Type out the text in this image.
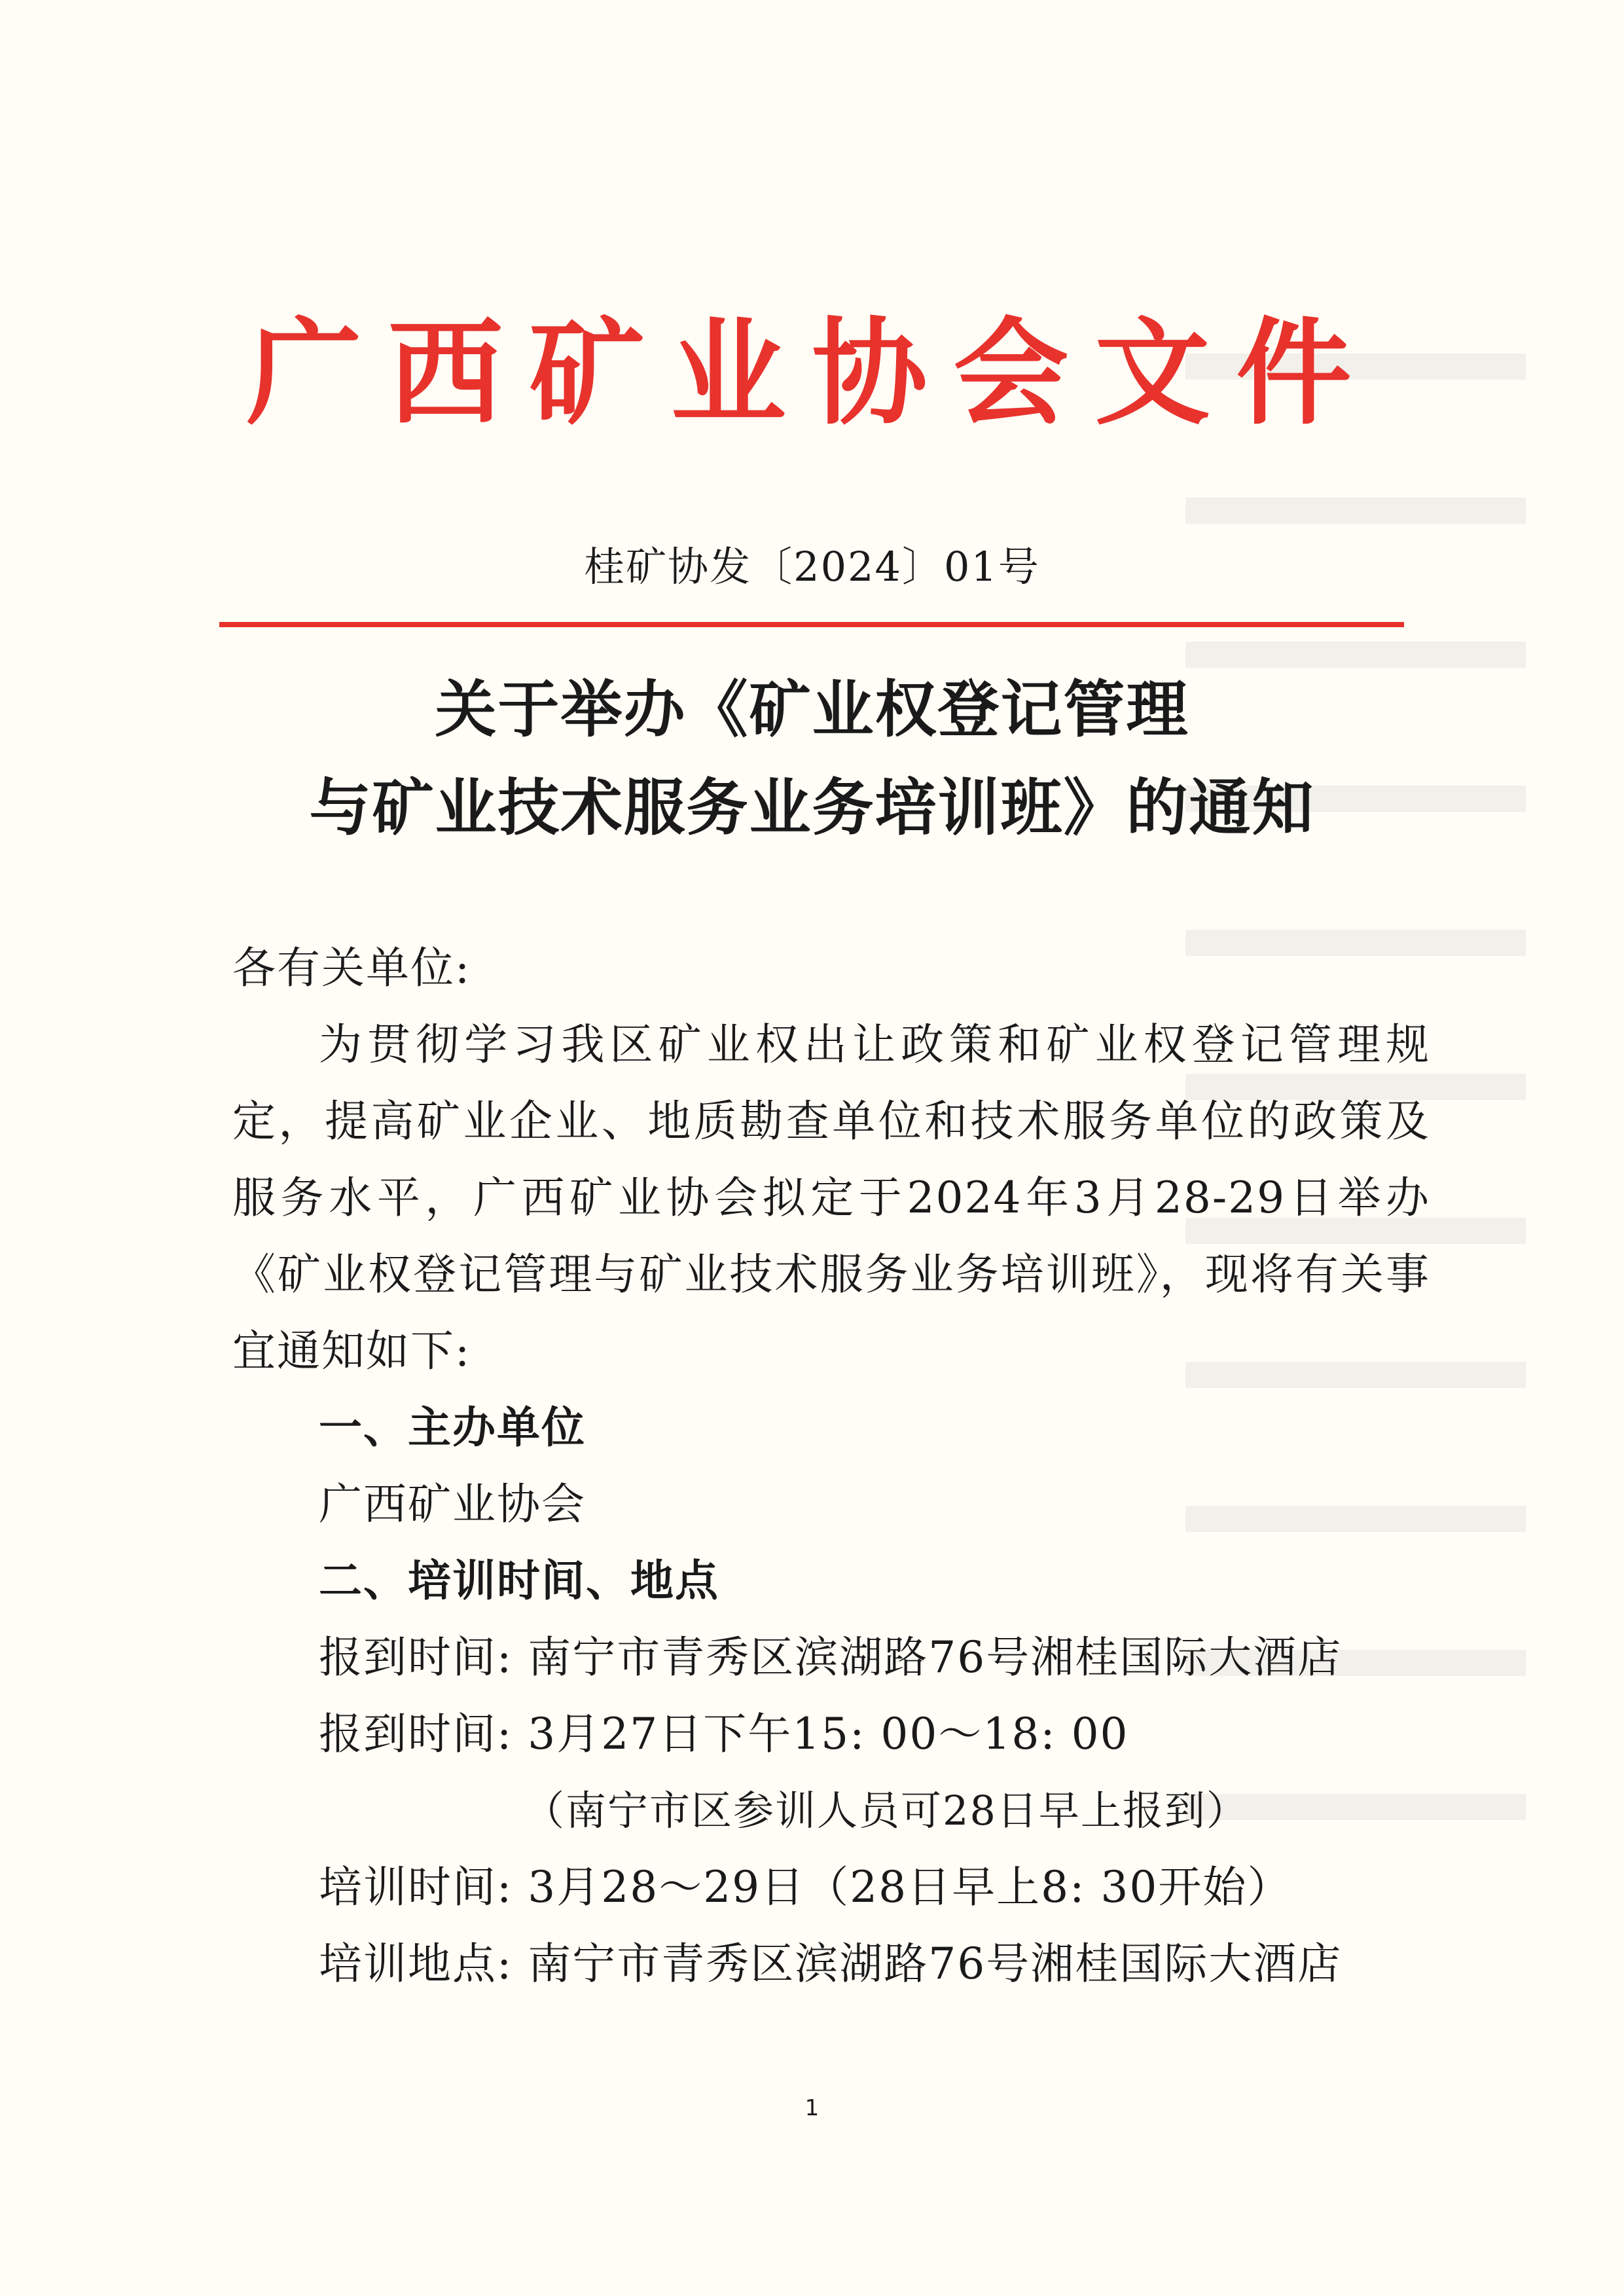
广西矿业协会文件
桂矿协发〔2024〕01号
关于举办《矿业权登记管理
与矿业技术服务业务培训班》的通知

各有关单位:

为贯彻学习我区矿业权出让政策和矿业权登记管理规定，提高矿业企业、地质勘查单位和技术服务单位的政策及服务水平，广西矿业协会拟定于2024年3月28-29日举办《矿业权登记管理与矿业技术服务业务培训班》，现将有关事宜通知如下:

一、主办单位

广西矿业协会

二、培训时间、地点

报到时间: 南宁市青秀区滨湖路76号湘桂国际大酒店

报到时间: 3月27日下午15: 00～18: 00

（南宁市区参训人员可28日早上报到）

培训时间: 3月28～29日（28日早上8: 30开始）

培训地点: 南宁市青秀区滨湖路76号湘桂国际大酒店

1
